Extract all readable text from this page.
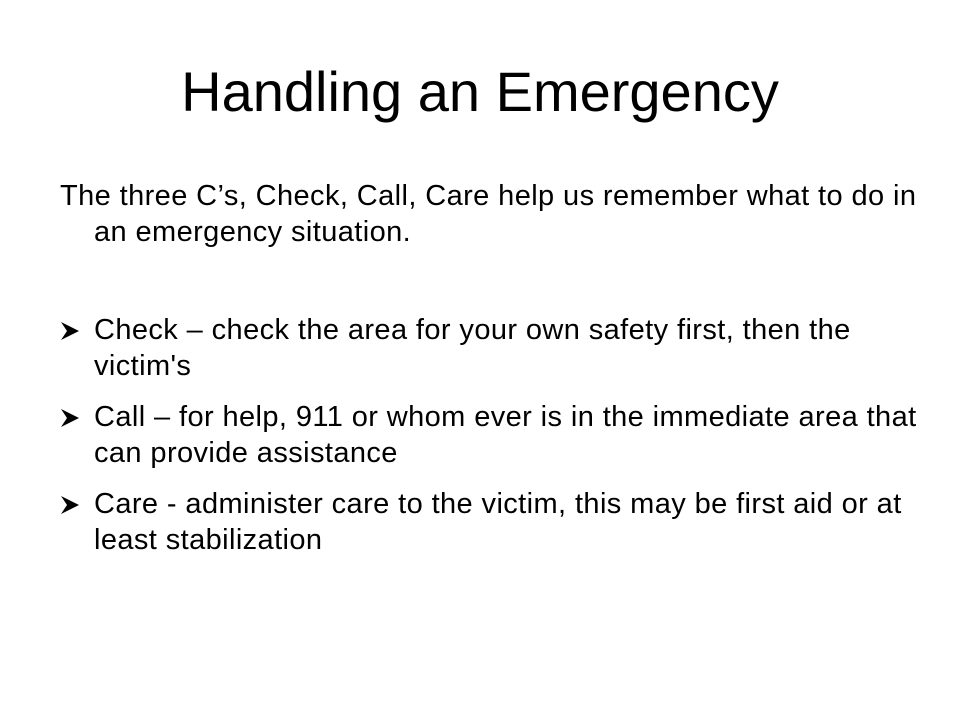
Handling an Emergency

The three C’s, Check, Call, Care help us remember what to do in an emergency situation.

Check – check the area for your own safety first, then the victim's
Call – for help, 911 or whom ever is in the immediate area that can provide assistance
Care - administer care to the victim, this may be first aid or at least stabilization
